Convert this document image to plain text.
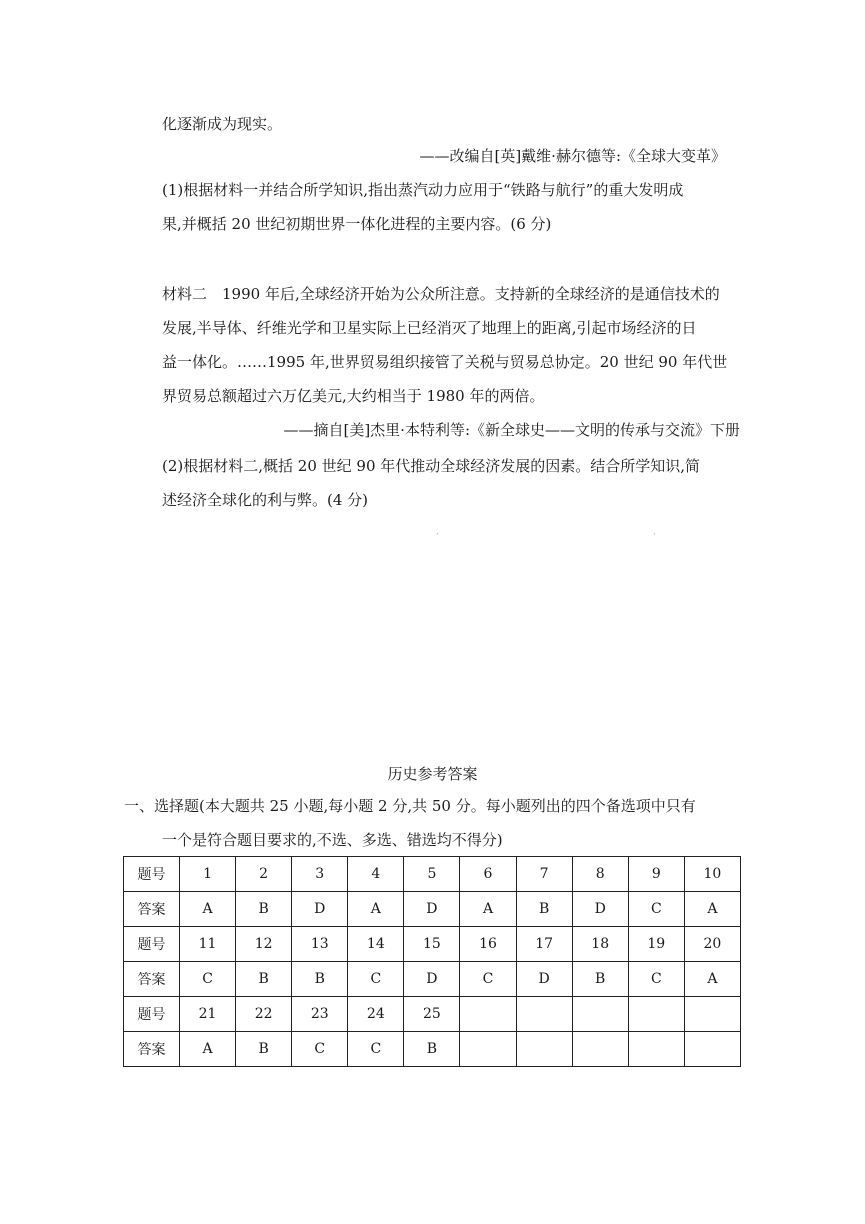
化逐渐成为现实。
——改编自[英]戴维·赫尔德等:《全球大变革》
(1)根据材料一并结合所学知识,指出蒸汽动力应用于“铁路与航行”的重大发明成
果,并概括 20 世纪初期世界一体化进程的主要内容。(6 分)
材料二　1990 年后,全球经济开始为公众所注意。支持新的全球经济的是通信技术的
发展,半导体、纤维光学和卫星实际上已经消灭了地理上的距离,引起市场经济的日
益一体化。……1995 年,世界贸易组织接管了关税与贸易总协定。20 世纪 90 年代世
界贸易总额超过六万亿美元,大约相当于 1980 年的两倍。
——摘自[美]杰里·本特利等:《新全球史——文明的传承与交流》下册
(2)根据材料二,概括 20 世纪 90 年代推动全球经济发展的因素。结合所学知识,简
述经济全球化的利与弊。(4 分)
ʼ	ʼ
历史参考答案
一、选择题(本大题共 25 小题,每小题 2 分,共 50 分。每小题列出的四个备选项中只有
一个是符合题目要求的,不选、多选、错选均不得分)
题号	1	2	3	4	5	6	7	8	9	10
答案	A	B	D	A	D	A	B	D	C	A
题号	11	12	13	14	15	16	17	18	19	20
答案	C	B	B	C	D	C	D	B	C	A
题号	21	22	23	24	25					
答案	A	B	C	C	B					
